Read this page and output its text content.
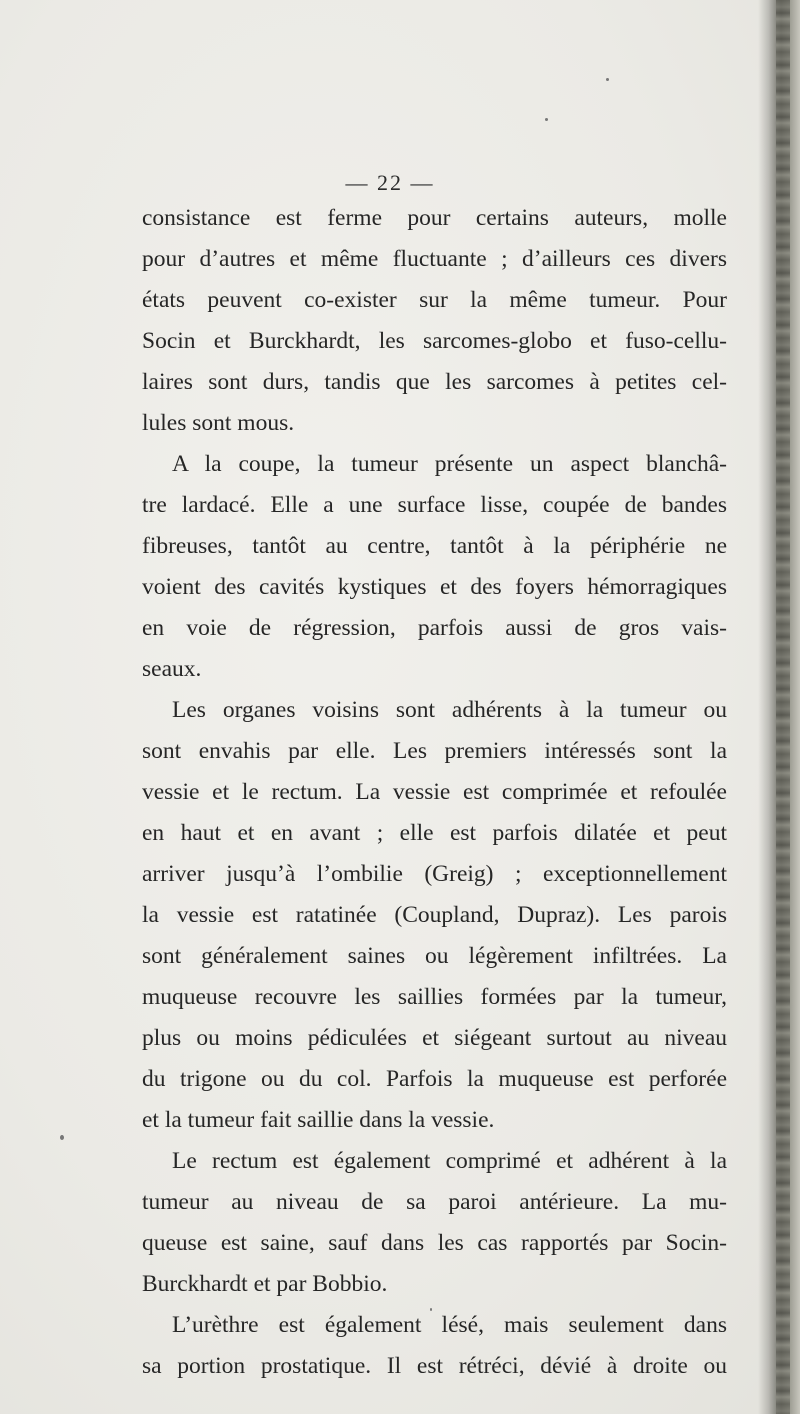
— 22 —
consistance est ferme pour certains auteurs, molle
pour d’autres et même fluctuante ; d’ailleurs ces divers
états peuvent co-exister sur la même tumeur. Pour
Socin et Burckhardt, les sarcomes-globo et fuso-cellu-
laires sont durs, tandis que les sarcomes à petites cel-
lules sont mous.
A la coupe, la tumeur présente un aspect blanchâ-
tre lardacé. Elle a une surface lisse, coupée de bandes
fibreuses, tantôt au centre, tantôt à la périphérie ne
voient des cavités kystiques et des foyers hémorragiques
en voie de régression, parfois aussi de gros vais-
seaux.
Les organes voisins sont adhérents à la tumeur ou
sont envahis par elle. Les premiers intéressés sont la
vessie et le rectum. La vessie est comprimée et refoulée
en haut et en avant ; elle est parfois dilatée et peut
arriver jusqu’à l’ombilie (Greig) ; exceptionnellement
la vessie est ratatinée (Coupland, Dupraz). Les parois
sont généralement saines ou légèrement infiltrées. La
muqueuse recouvre les saillies formées par la tumeur,
plus ou moins pédiculées et siégeant surtout au niveau
du trigone ou du col. Parfois la muqueuse est perforée
et la tumeur fait saillie dans la vessie.
Le rectum est également comprimé et adhérent à la
tumeur au niveau de sa paroi antérieure. La mu-
queuse est saine, sauf dans les cas rapportés par Socin-
Burckhardt et par Bobbio.
L’urèthre est également lésé, mais seulement dans
sa portion prostatique. Il est rétréci, dévié à droite ou
